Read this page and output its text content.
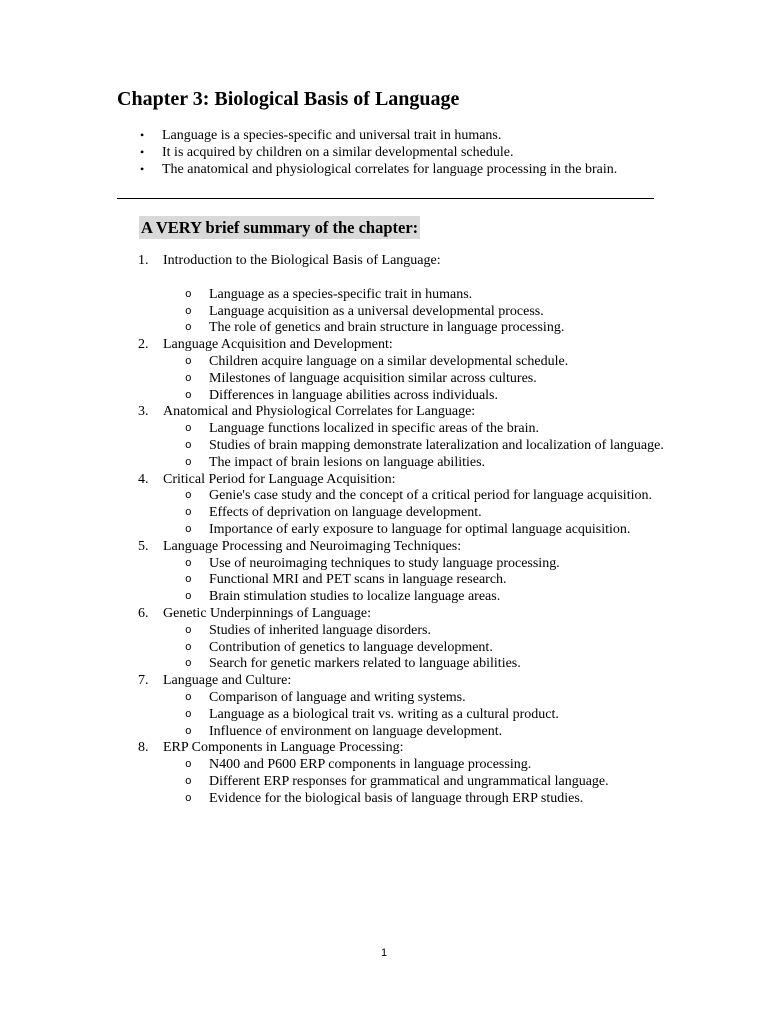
Chapter 3: Biological Basis of Language
•	Language is a species-specific and universal trait in humans.
•	It is acquired by children on a similar developmental schedule.
•	The anatomical and physiological correlates for language processing in the brain.
A VERY brief summary of the chapter:
1.	Introduction to the Biological Basis of Language:
o Language as a species-specific trait in humans.
o Language acquisition as a universal developmental process.
o The role of genetics and brain structure in language processing.
2.	Language Acquisition and Development:
o Children acquire language on a similar developmental schedule.
o Milestones of language acquisition similar across cultures.
o Differences in language abilities across individuals.
3.	Anatomical and Physiological Correlates for Language:
o Language functions localized in specific areas of the brain.
o Studies of brain mapping demonstrate lateralization and localization of language.
o The impact of brain lesions on language abilities.
4.	Critical Period for Language Acquisition:
o Genie's case study and the concept of a critical period for language acquisition.
o Effects of deprivation on language development.
o Importance of early exposure to language for optimal language acquisition.
5.	Language Processing and Neuroimaging Techniques:
o Use of neuroimaging techniques to study language processing.
o Functional MRI and PET scans in language research.
o Brain stimulation studies to localize language areas.
6.	Genetic Underpinnings of Language:
o Studies of inherited language disorders.
o Contribution of genetics to language development.
o Search for genetic markers related to language abilities.
7.	Language and Culture:
o Comparison of language and writing systems.
o Language as a biological trait vs. writing as a cultural product.
o Influence of environment on language development.
8.	ERP Components in Language Processing:
o N400 and P600 ERP components in language processing.
o Different ERP responses for grammatical and ungrammatical language.
o Evidence for the biological basis of language through ERP studies.
1
